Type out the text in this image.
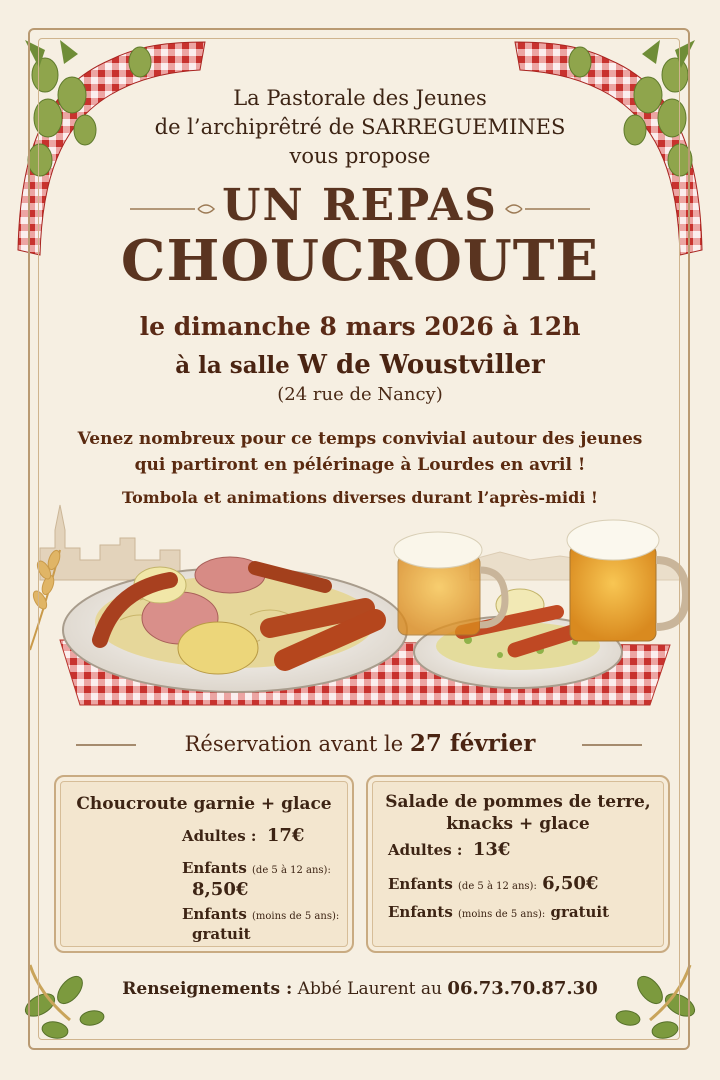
La Pastorale des Jeunes
de l’archiprêtré de SARREGUEMINES
vous propose
UN REPAS
CHOUCROUTE
le dimanche 8 mars 2026 à 12h
à la salle W de Woustviller
(24 rue de Nancy)
Venez nombreux pour ce temps convivial autour des jeunes
qui partiront en pélérinage à Lourdes en avril !
Tombola et animations diverses durant l’après-midi !
Réservation avant le 27 février
Choucroute garnie + glace
Adultes : 17€
Enfants (de 5 à 12 ans):
8,50€
Enfants (moins de 5 ans):
gratuit
Salade de pommes de terre,
knacks + glace
Adultes : 13€
Enfants (de 5 à 12 ans): 6,50€
Enfants (moins de 5 ans): gratuit
Renseignements : Abbé Laurent au 06.73.70.87.30
